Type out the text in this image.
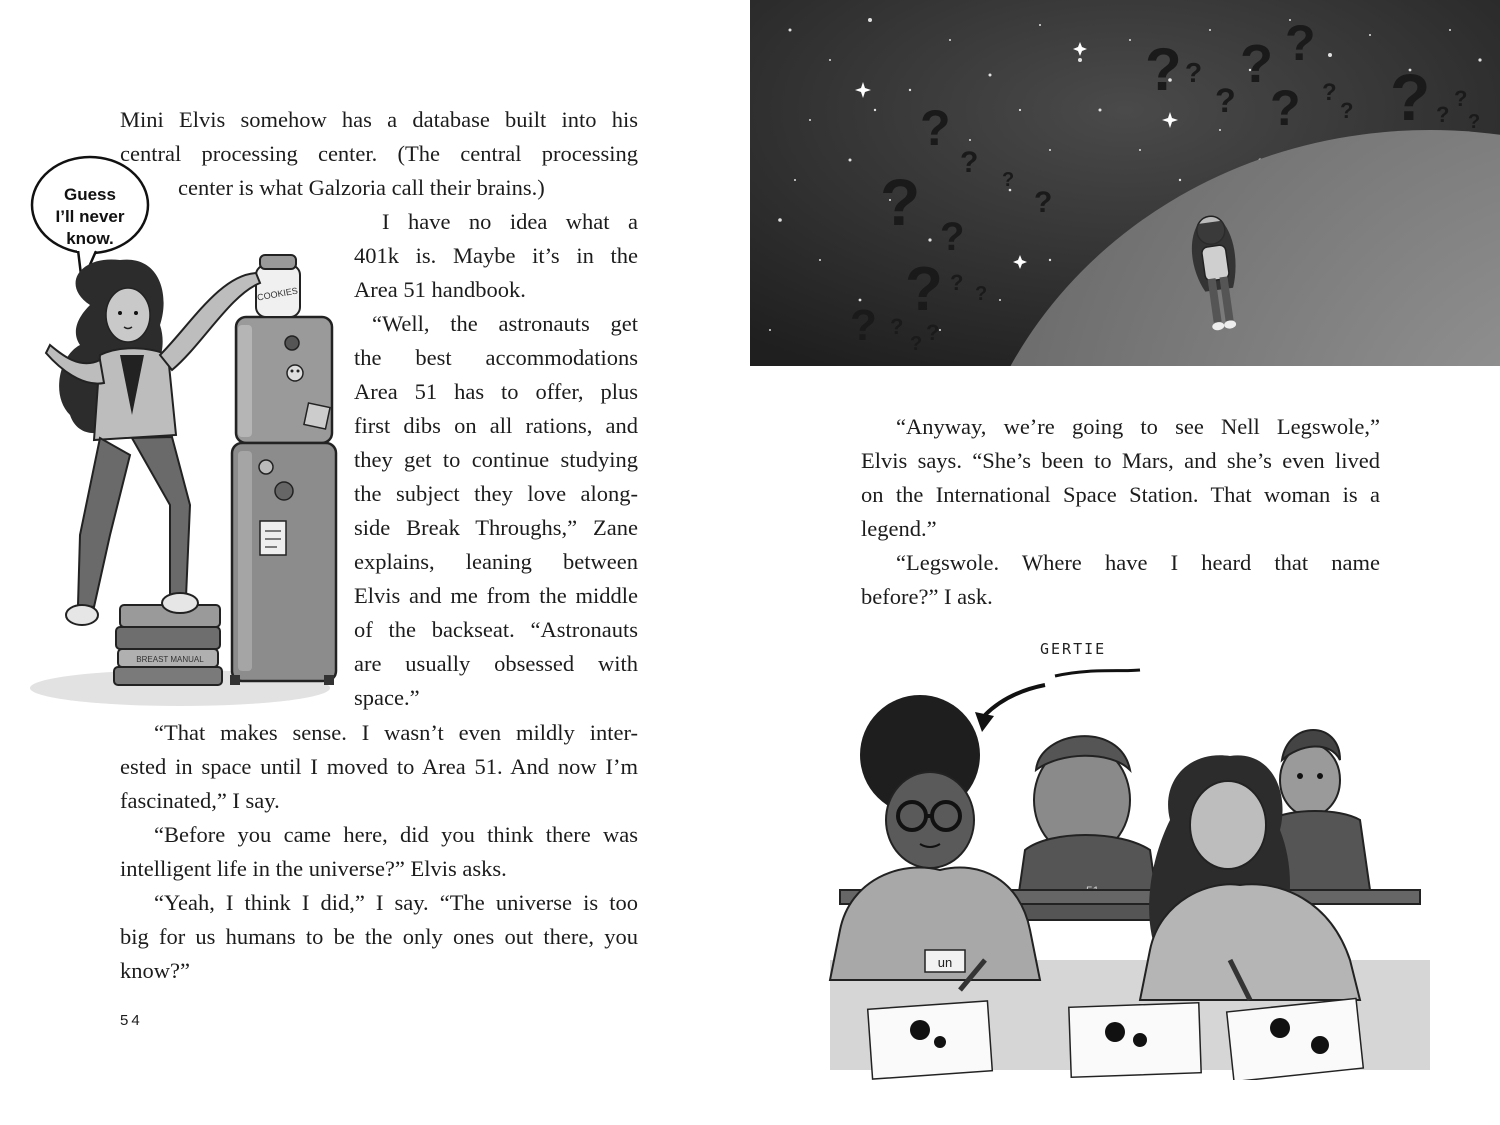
Mini Elvis somehow has a database built into his
central processing center. (The central processing
center is what Galzoria call their brains.)
I have no idea what a
401k is. Maybe it’s in the
Area 51 handbook.
“Well, the astronauts get
the best accommodations
Area 51 has to offer, plus
first dibs on all rations, and
they get to continue studying
the subject they love along-
side Break Throughs,” Zane
explains, leaning between
Elvis and me from the middle
of the backseat. “Astronauts
are usually obsessed with
space.”
“That makes sense. I wasn’t even mildly inter-
ested in space until I moved to Area 51. And now I’m
fascinated,” I say.
“Before you came here, did you think there was
intelligent life in the universe?” Elvis asks.
“Yeah, I think I did,” I say. “The universe is too
big for us humans to be the only ones out there, you
know?”
COOKIES
BREAST MANUAL
Guess
I’ll never
know.
54
? ?
?
? ?
? ?
? ? ?
?
?
?
?
?
?
? ?
? ? ?
? ?
? ?
“Anyway, we’re going to see Nell Legswole,”
Elvis says. “She’s been to Mars, and she’s even lived
on the International Space Station. That woman is a
legend.”
“Legswole. Where have I heard that name
before?” I ask.
un
GERTIE
